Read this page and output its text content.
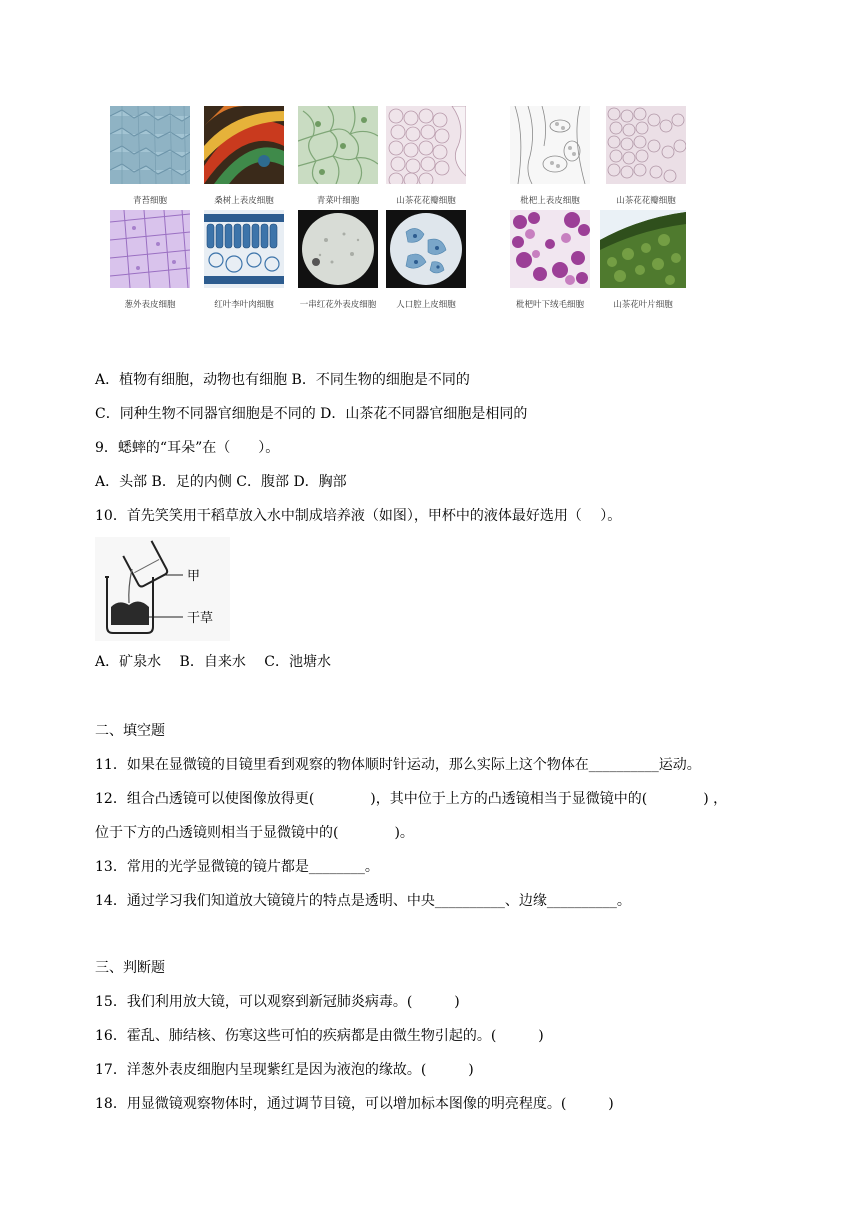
青苔细胞	桑树上表皮细胞	青菜叶细胞	山茶花花瓣细胞	枇杷上表皮细胞	山茶花花瓣细胞
葱外表皮细胞	红叶李叶肉细胞	一串红花外表皮细胞	人口腔上皮细胞	枇杷叶下绒毛细胞	山茶花叶片细胞
A．植物有细胞，动物也有细胞 B．不同生物的细胞是不同的
C．同种生物不同器官细胞是不同的 D．山茶花不同器官细胞是相同的
9．蟋蟀的“耳朵”在（　　）。
A．头部 B．足的内侧 C．腹部 D．胸部
10．首先笑笑用干稻草放入水中制成培养液（如图），甲杯中的液体最好选用（　 ）。
甲
干草
A．矿泉水　 B．自来水　 C．池塘水
二、填空题
11．如果在显微镜的目镜里看到观察的物体顺时针运动，那么实际上这个物体在__________运动。
12．组合凸透镜可以使图像放得更(　　　　)，其中位于上方的凸透镜相当于显微镜中的(　　　　) ，
位于下方的凸透镜则相当于显微镜中的(　　　　)。
13．常用的光学显微镜的镜片都是________。
14．通过学习我们知道放大镜镜片的特点是透明、中央__________、边缘__________。
三、判断题
15．我们利用放大镜，可以观察到新冠肺炎病毒。(　　　)
16．霍乱、肺结核、伤寒这些可怕的疾病都是由微生物引起的。(　　　)
17．洋葱外表皮细胞内呈现紫红是因为液泡的缘故。(　　　)
18．用显微镜观察物体时，通过调节目镜，可以增加标本图像的明亮程度。(　　　)
